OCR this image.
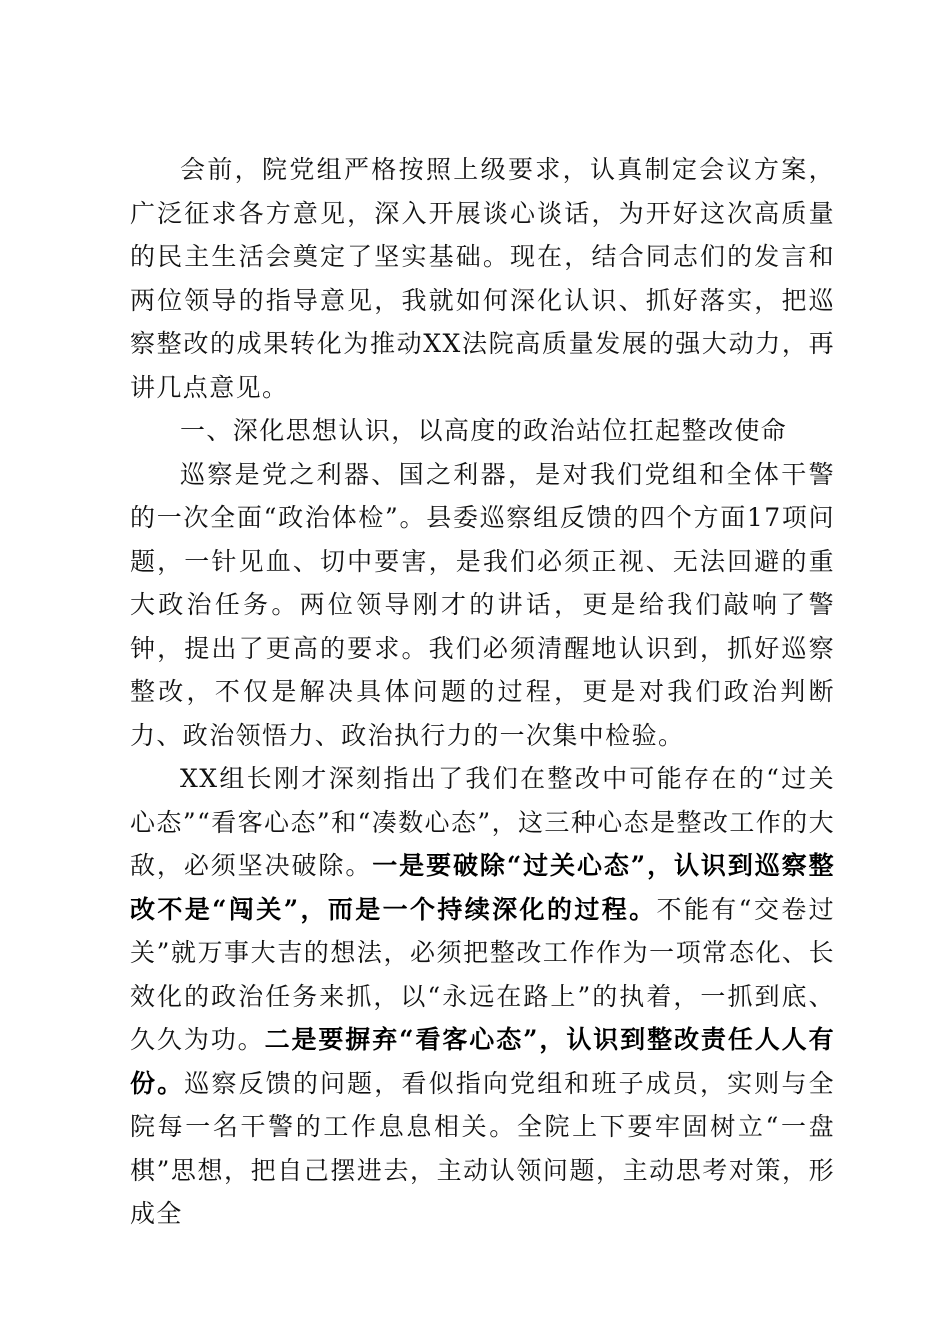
会前，院党组严格按照上级要求，认真制定会议方案，广泛征求各方意见，深入开展谈心谈话，为开好这次高质量的民主生活会奠定了坚实基础。现在，结合同志们的发言和两位领导的指导意见，我就如何深化认识、抓好落实，把巡察整改的成果转化为推动XX法院高质量发展的强大动力，再讲几点意见。

一、深化思想认识，以高度的政治站位扛起整改使命

巡察是党之利器、国之利器，是对我们党组和全体干警的一次全面“政治体检”。县委巡察组反馈的四个方面17项问题，一针见血、切中要害，是我们必须正视、无法回避的重大政治任务。两位领导刚才的讲话，更是给我们敲响了警钟，提出了更高的要求。我们必须清醒地认识到，抓好巡察整改，不仅是解决具体问题的过程，更是对我们政治判断力、政治领悟力、政治执行力的一次集中检验。

XX组长刚才深刻指出了我们在整改中可能存在的“过关心态”“看客心态”和“凑数心态”，这三种心态是整改工作的大敌，必须坚决破除。一是要破除“过关心态”，认识到巡察整改不是“闯关”，而是一个持续深化的过程。不能有“交卷过关”就万事大吉的想法，必须把整改工作作为一项常态化、长效化的政治任务来抓，以“永远在路上”的执着，一抓到底、久久为功。二是要摒弃“看客心态”，认识到整改责任人人有份。巡察反馈的问题，看似指向党组和班子成员，实则与全院每一名干警的工作息息相关。全院上下要牢固树立“一盘棋”思想，把自己摆进去，主动认领问题，主动思考对策，形成全
